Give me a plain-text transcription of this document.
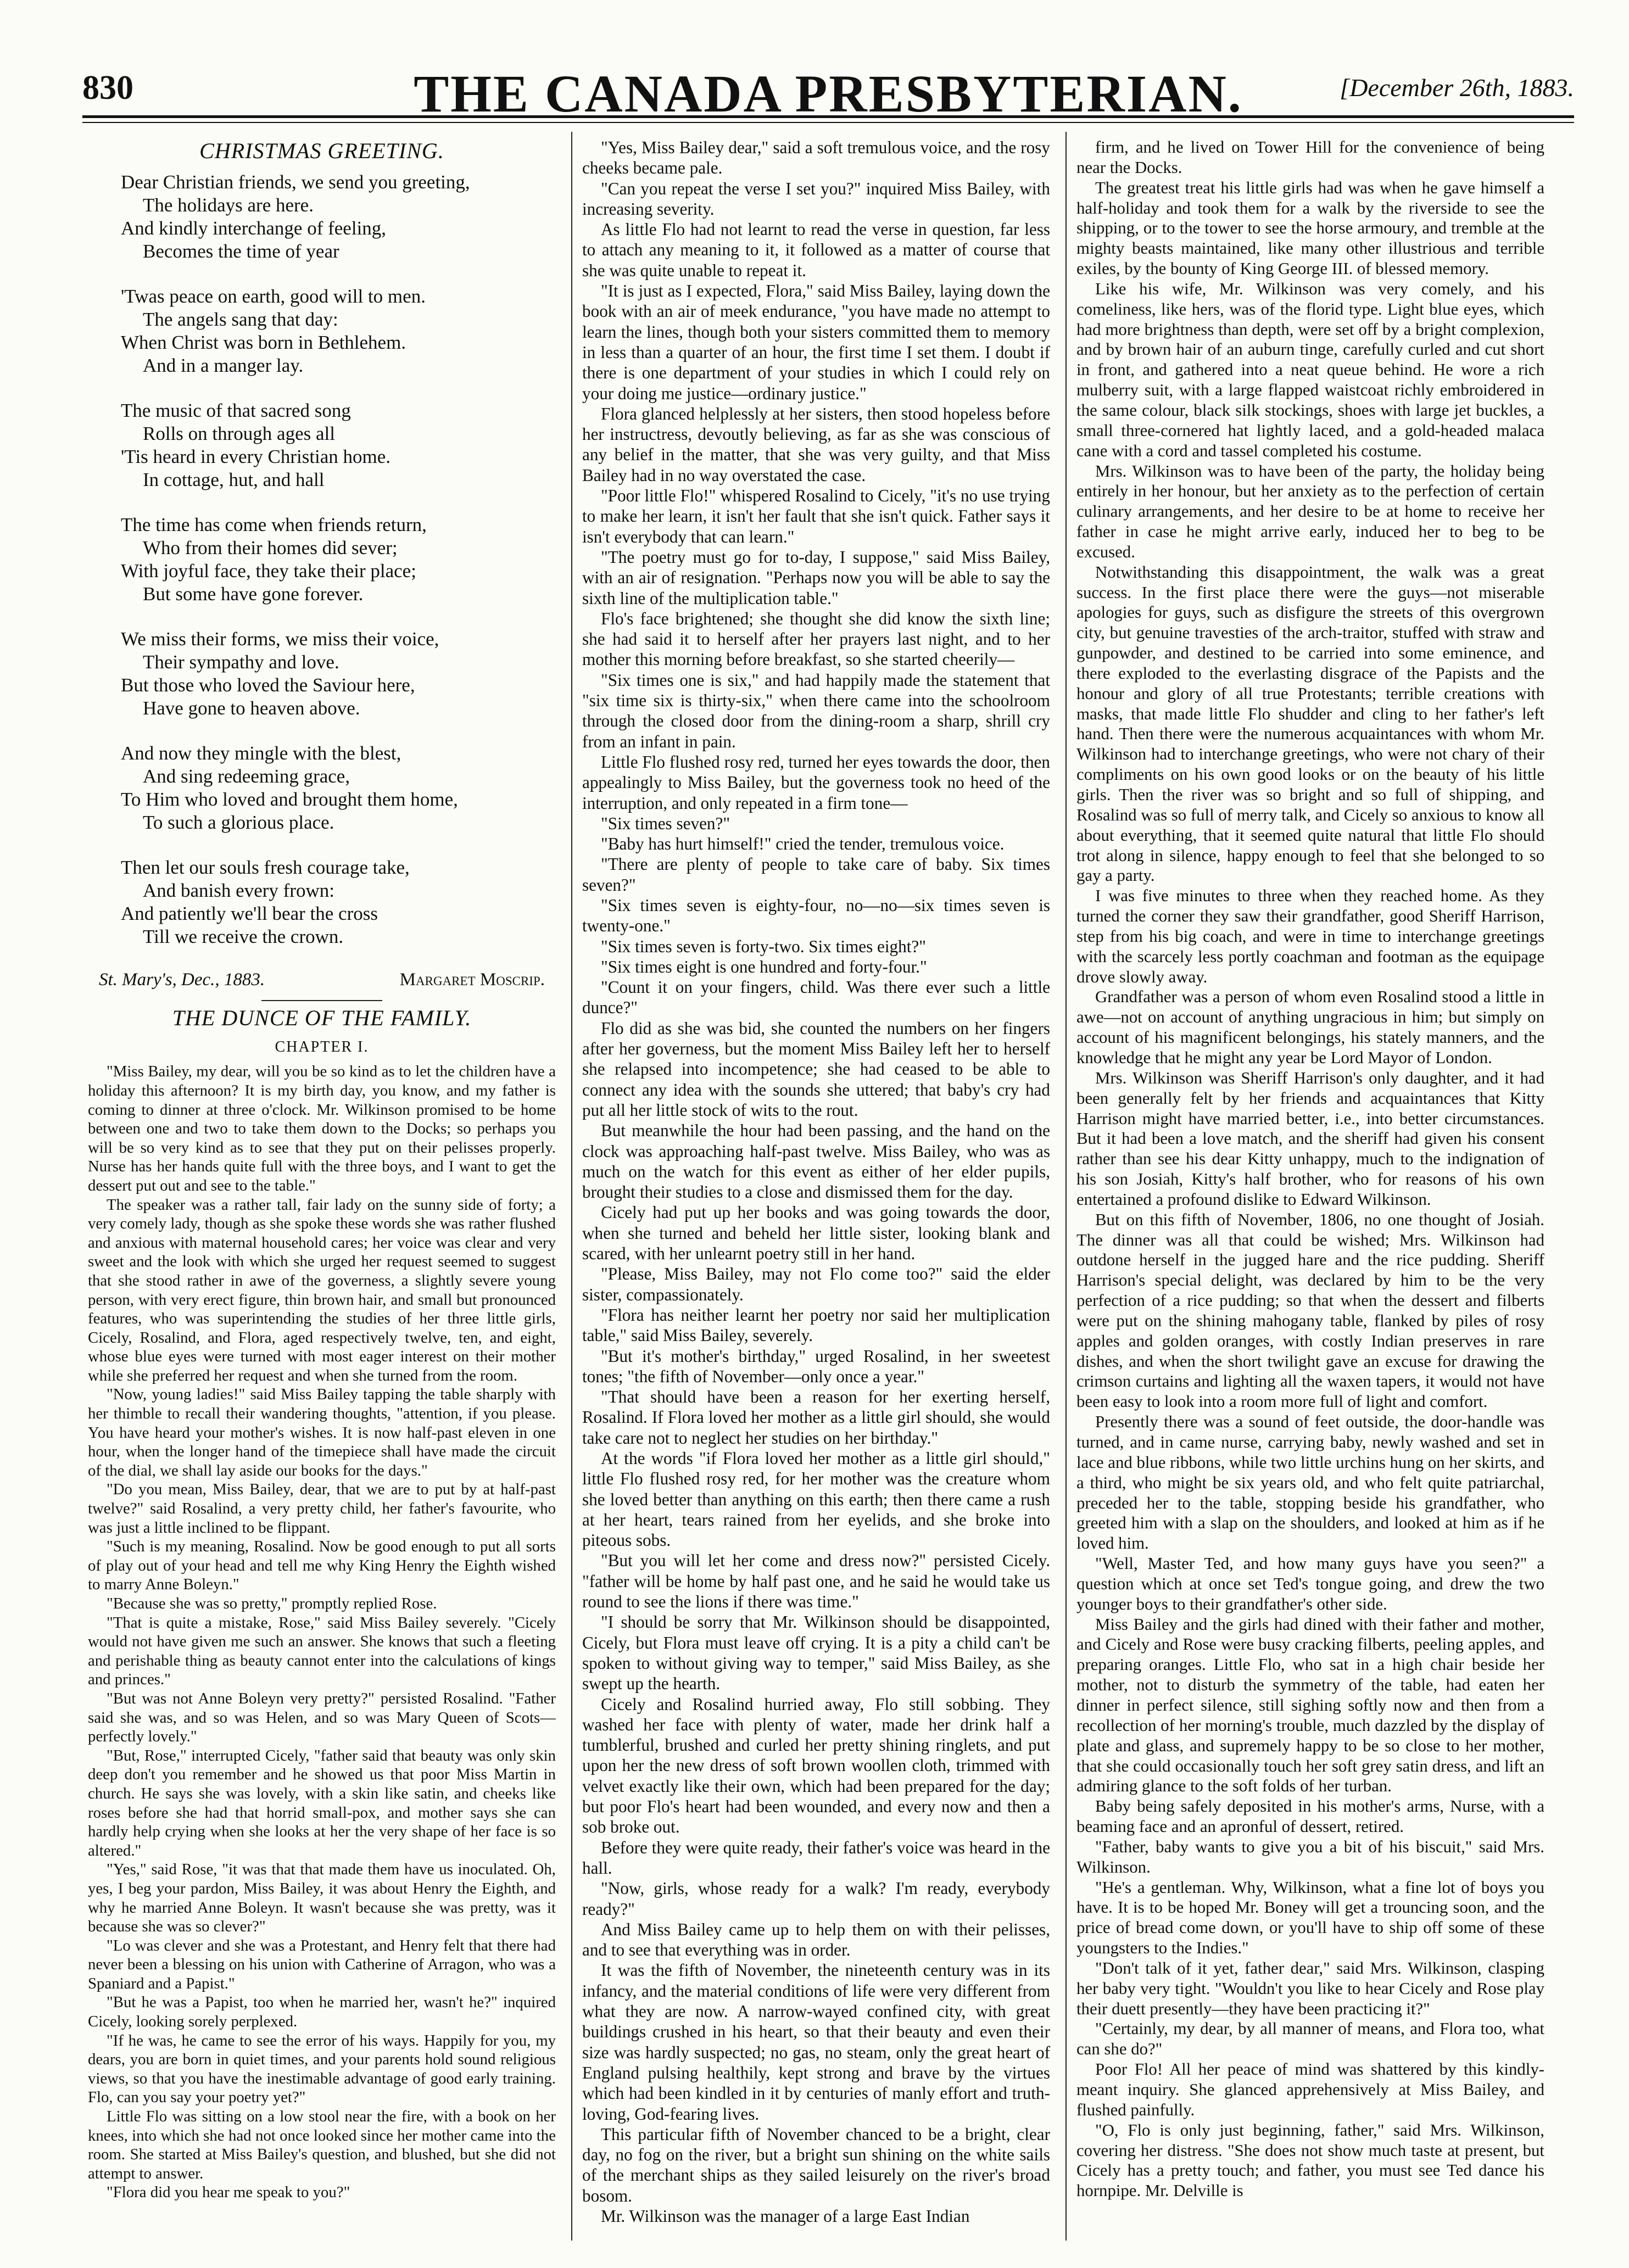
830	THE CANADA PRESBYTERIAN.	[December 26th, 1883.
CHRISTMAS GREETING.
Dear Christian friends, we send you greeting,
The holidays are here.
And kindly interchange of feeling,
Becomes the time of year
'Twas peace on earth, good will to men.
The angels sang that day:
When Christ was born in Bethlehem.
And in a manger lay.
The music of that sacred song
Rolls on through ages all
'Tis heard in every Christian home.
In cottage, hut, and hall
The time has come when friends return,
Who from their homes did sever;
With joyful face, they take their place;
But some have gone forever.
We miss their forms, we miss their voice,
Their sympathy and love.
But those who loved the Saviour here,
Have gone to heaven above.
And now they mingle with the blest,
And sing redeeming grace,
To Him who loved and brought them home,
To such a glorious place.
Then let our souls fresh courage take,
And banish every frown:
And patiently we'll bear the cross
Till we receive the crown.
St. Mary's, Dec., 1883.	Margaret Moscrip.
THE DUNCE OF THE FAMILY.
CHAPTER I.

"Miss Bailey, my dear, will you be so kind as to let the children have a holiday this afternoon? It is my birth day, you know, and my father is coming to dinner at three o'clock. Mr. Wilkinson promised to be home between one and two to take them down to the Docks; so perhaps you will be so very kind as to see that they put on their pelisses properly. Nurse has her hands quite full with the three boys, and I want to get the dessert put out and see to the table."

The speaker was a rather tall, fair lady on the sunny side of forty; a very comely lady, though as she spoke these words she was rather flushed and anxious with maternal household cares; her voice was clear and very sweet and the look with which she urged her request seemed to suggest that she stood rather in awe of the governess, a slightly severe young person, with very erect figure, thin brown hair, and small but pronounced features, who was superintending the studies of her three little girls, Cicely, Rosalind, and Flora, aged respectively twelve, ten, and eight, whose blue eyes were turned with most eager interest on their mother while she preferred her request and when she turned from the room.

"Now, young ladies!" said Miss Bailey tapping the table sharply with her thimble to recall their wandering thoughts, "attention, if you please. You have heard your mother's wishes. It is now half-past eleven in one hour, when the longer hand of the timepiece shall have made the circuit of the dial, we shall lay aside our books for the days."

"Do you mean, Miss Bailey, dear, that we are to put by at half-past twelve?" said Rosalind, a very pretty child, her father's favourite, who was just a little inclined to be flippant.

"Such is my meaning, Rosalind. Now be good enough to put all sorts of play out of your head and tell me why King Henry the Eighth wished to marry Anne Boleyn."

"Because she was so pretty," promptly replied Rose.

"That is quite a mistake, Rose," said Miss Bailey severely. "Cicely would not have given me such an answer. She knows that such a fleeting and perishable thing as beauty cannot enter into the calculations of kings and princes."

"But was not Anne Boleyn very pretty?" persisted Rosalind. "Father said she was, and so was Helen, and so was Mary Queen of Scots—perfectly lovely."

"But, Rose," interrupted Cicely, "father said that beauty was only skin deep don't you remember and he showed us that poor Miss Martin in church. He says she was lovely, with a skin like satin, and cheeks like roses before she had that horrid small-pox, and mother says she can hardly help crying when she looks at her the very shape of her face is so altered."

"Yes," said Rose, "it was that that made them have us inoculated. Oh, yes, I beg your pardon, Miss Bailey, it was about Henry the Eighth, and why he married Anne Boleyn. It wasn't because she was pretty, was it because she was so clever?"

"Lo was clever and she was a Protestant, and Henry felt that there had never been a blessing on his union with Catherine of Arragon, who was a Spaniard and a Papist."

"But he was a Papist, too when he married her, wasn't he?" inquired Cicely, looking sorely perplexed.

"If he was, he came to see the error of his ways. Happily for you, my dears, you are born in quiet times, and your parents hold sound religious views, so that you have the inestimable advantage of good early training. Flo, can you say your poetry yet?"

Little Flo was sitting on a low stool near the fire, with a book on her knees, into which she had not once looked since her mother came into the room. She started at Miss Bailey's question, and blushed, but she did not attempt to answer.

"Flora did you hear me speak to you?"

"Yes, Miss Bailey dear," said a soft tremulous voice, and the rosy cheeks became pale.

"Can you repeat the verse I set you?" inquired Miss Bailey, with increasing severity.

As little Flo had not learnt to read the verse in question, far less to attach any meaning to it, it followed as a matter of course that she was quite unable to repeat it.

"It is just as I expected, Flora," said Miss Bailey, laying down the book with an air of meek endurance, "you have made no attempt to learn the lines, though both your sisters committed them to memory in less than a quarter of an hour, the first time I set them. I doubt if there is one department of your studies in which I could rely on your doing me justice—ordinary justice."

Flora glanced helplessly at her sisters, then stood hopeless before her instructress, devoutly believing, as far as she was conscious of any belief in the matter, that she was very guilty, and that Miss Bailey had in no way overstated the case.

"Poor little Flo!" whispered Rosalind to Cicely, "it's no use trying to make her learn, it isn't her fault that she isn't quick. Father says it isn't everybody that can learn."

"The poetry must go for to-day, I suppose," said Miss Bailey, with an air of resignation. "Perhaps now you will be able to say the sixth line of the multiplication table."

Flo's face brightened; she thought she did know the sixth line; she had said it to herself after her prayers last night, and to her mother this morning before breakfast, so she started cheerily—

"Six times one is six," and had happily made the statement that "six time six is thirty-six," when there came into the schoolroom through the closed door from the dining-room a sharp, shrill cry from an infant in pain.

Little Flo flushed rosy red, turned her eyes towards the door, then appealingly to Miss Bailey, but the governess took no heed of the interruption, and only repeated in a firm tone—

"Six times seven?"

"Baby has hurt himself!" cried the tender, tremulous voice.

"There are plenty of people to take care of baby. Six times seven?"

"Six times seven is eighty-four, no—no—six times seven is twenty-one."

"Six times seven is forty-two. Six times eight?"

"Six times eight is one hundred and forty-four."

"Count it on your fingers, child. Was there ever such a little dunce?"

Flo did as she was bid, she counted the numbers on her fingers after her governess, but the moment Miss Bailey left her to herself she relapsed into incompetence; she had ceased to be able to connect any idea with the sounds she uttered; that baby's cry had put all her little stock of wits to the rout.

But meanwhile the hour had been passing, and the hand on the clock was approaching half-past twelve. Miss Bailey, who was as much on the watch for this event as either of her elder pupils, brought their studies to a close and dismissed them for the day.

Cicely had put up her books and was going towards the door, when she turned and beheld her little sister, looking blank and scared, with her unlearnt poetry still in her hand.

"Please, Miss Bailey, may not Flo come too?" said the elder sister, compassionately.

"Flora has neither learnt her poetry nor said her multiplication table," said Miss Bailey, severely.

"But it's mother's birthday," urged Rosalind, in her sweetest tones; "the fifth of November—only once a year."

"That should have been a reason for her exerting herself, Rosalind. If Flora loved her mother as a little girl should, she would take care not to neglect her studies on her birthday."

At the words "if Flora loved her mother as a little girl should," little Flo flushed rosy red, for her mother was the creature whom she loved better than anything on this earth; then there came a rush at her heart, tears rained from her eyelids, and she broke into piteous sobs.

"But you will let her come and dress now?" persisted Cicely. "father will be home by half past one, and he said he would take us round to see the lions if there was time."

"I should be sorry that Mr. Wilkinson should be disappointed, Cicely, but Flora must leave off crying. It is a pity a child can't be spoken to without giving way to temper," said Miss Bailey, as she swept up the hearth.

Cicely and Rosalind hurried away, Flo still sobbing. They washed her face with plenty of water, made her drink half a tumblerful, brushed and curled her pretty shining ringlets, and put upon her the new dress of soft brown woollen cloth, trimmed with velvet exactly like their own, which had been prepared for the day; but poor Flo's heart had been wounded, and every now and then a sob broke out.

Before they were quite ready, their father's voice was heard in the hall.

"Now, girls, whose ready for a walk? I'm ready, everybody ready?"

And Miss Bailey came up to help them on with their pelisses, and to see that everything was in order.

It was the fifth of November, the nineteenth century was in its infancy, and the material conditions of life were very different from what they are now. A narrow-wayed confined city, with great buildings crushed in his heart, so that their beauty and even their size was hardly suspected; no gas, no steam, only the great heart of England pulsing healthily, kept strong and brave by the virtues which had been kindled in it by centuries of manly effort and truth-loving, God-fearing lives.

This particular fifth of November chanced to be a bright, clear day, no fog on the river, but a bright sun shining on the white sails of the merchant ships as they sailed leisurely on the river's broad bosom.

Mr. Wilkinson was the manager of a large East Indian

firm, and he lived on Tower Hill for the convenience of being near the Docks.

The greatest treat his little girls had was when he gave himself a half-holiday and took them for a walk by the riverside to see the shipping, or to the tower to see the horse armoury, and tremble at the mighty beasts maintained, like many other illustrious and terrible exiles, by the bounty of King George III. of blessed memory.

Like his wife, Mr. Wilkinson was very comely, and his comeliness, like hers, was of the florid type. Light blue eyes, which had more brightness than depth, were set off by a bright complexion, and by brown hair of an auburn tinge, carefully curled and cut short in front, and gathered into a neat queue behind. He wore a rich mulberry suit, with a large flapped waistcoat richly embroidered in the same colour, black silk stockings, shoes with large jet buckles, a small three-cornered hat lightly laced, and a gold-headed malaca cane with a cord and tassel completed his costume.

Mrs. Wilkinson was to have been of the party, the holiday being entirely in her honour, but her anxiety as to the perfection of certain culinary arrangements, and her desire to be at home to receive her father in case he might arrive early, induced her to beg to be excused.

Notwithstanding this disappointment, the walk was a great success. In the first place there were the guys—not miserable apologies for guys, such as disfigure the streets of this overgrown city, but genuine travesties of the arch-traitor, stuffed with straw and gunpowder, and destined to be carried into some eminence, and there exploded to the everlasting disgrace of the Papists and the honour and glory of all true Protestants; terrible creations with masks, that made little Flo shudder and cling to her father's left hand. Then there were the numerous acquaintances with whom Mr. Wilkinson had to interchange greetings, who were not chary of their compliments on his own good looks or on the beauty of his little girls. Then the river was so bright and so full of shipping, and Rosalind was so full of merry talk, and Cicely so anxious to know all about everything, that it seemed quite natural that little Flo should trot along in silence, happy enough to feel that she belonged to so gay a party.

I was five minutes to three when they reached home. As they turned the corner they saw their grandfather, good Sheriff Harrison, step from his big coach, and were in time to interchange greetings with the scarcely less portly coachman and footman as the equipage drove slowly away.

Grandfather was a person of whom even Rosalind stood a little in awe—not on account of anything ungracious in him; but simply on account of his magnificent belongings, his stately manners, and the knowledge that he might any year be Lord Mayor of London.

Mrs. Wilkinson was Sheriff Harrison's only daughter, and it had been generally felt by her friends and acquaintances that Kitty Harrison might have married better, i.e., into better circumstances. But it had been a love match, and the sheriff had given his consent rather than see his dear Kitty unhappy, much to the indignation of his son Josiah, Kitty's half brother, who for reasons of his own entertained a profound dislike to Edward Wilkinson.

But on this fifth of November, 1806, no one thought of Josiah. The dinner was all that could be wished; Mrs. Wilkinson had outdone herself in the jugged hare and the rice pudding. Sheriff Harrison's special delight, was declared by him to be the very perfection of a rice pudding; so that when the dessert and filberts were put on the shining mahogany table, flanked by piles of rosy apples and golden oranges, with costly Indian preserves in rare dishes, and when the short twilight gave an excuse for drawing the crimson curtains and lighting all the waxen tapers, it would not have been easy to look into a room more full of light and comfort.

Presently there was a sound of feet outside, the door-handle was turned, and in came nurse, carrying baby, newly washed and set in lace and blue ribbons, while two little urchins hung on her skirts, and a third, who might be six years old, and who felt quite patriarchal, preceded her to the table, stopping beside his grandfather, who greeted him with a slap on the shoulders, and looked at him as if he loved him.

"Well, Master Ted, and how many guys have you seen?" a question which at once set Ted's tongue going, and drew the two younger boys to their grandfather's other side.

Miss Bailey and the girls had dined with their father and mother, and Cicely and Rose were busy cracking filberts, peeling apples, and preparing oranges. Little Flo, who sat in a high chair beside her mother, not to disturb the symmetry of the table, had eaten her dinner in perfect silence, still sighing softly now and then from a recollection of her morning's trouble, much dazzled by the display of plate and glass, and supremely happy to be so close to her mother, that she could occasionally touch her soft grey satin dress, and lift an admiring glance to the soft folds of her turban.

Baby being safely deposited in his mother's arms, Nurse, with a beaming face and an apronful of dessert, retired.

"Father, baby wants to give you a bit of his biscuit," said Mrs. Wilkinson.

"He's a gentleman. Why, Wilkinson, what a fine lot of boys you have. It is to be hoped Mr. Boney will get a trouncing soon, and the price of bread come down, or you'll have to ship off some of these youngsters to the Indies."

"Don't talk of it yet, father dear," said Mrs. Wilkinson, clasping her baby very tight. "Wouldn't you like to hear Cicely and Rose play their duett presently—they have been practicing it?"

"Certainly, my dear, by all manner of means, and Flora too, what can she do?"

Poor Flo! All her peace of mind was shattered by this kindly-meant inquiry. She glanced apprehensively at Miss Bailey, and flushed painfully.

"O, Flo is only just beginning, father," said Mrs. Wilkinson, covering her distress. "She does not show much taste at present, but Cicely has a pretty touch; and father, you must see Ted dance his hornpipe. Mr. Delville is
